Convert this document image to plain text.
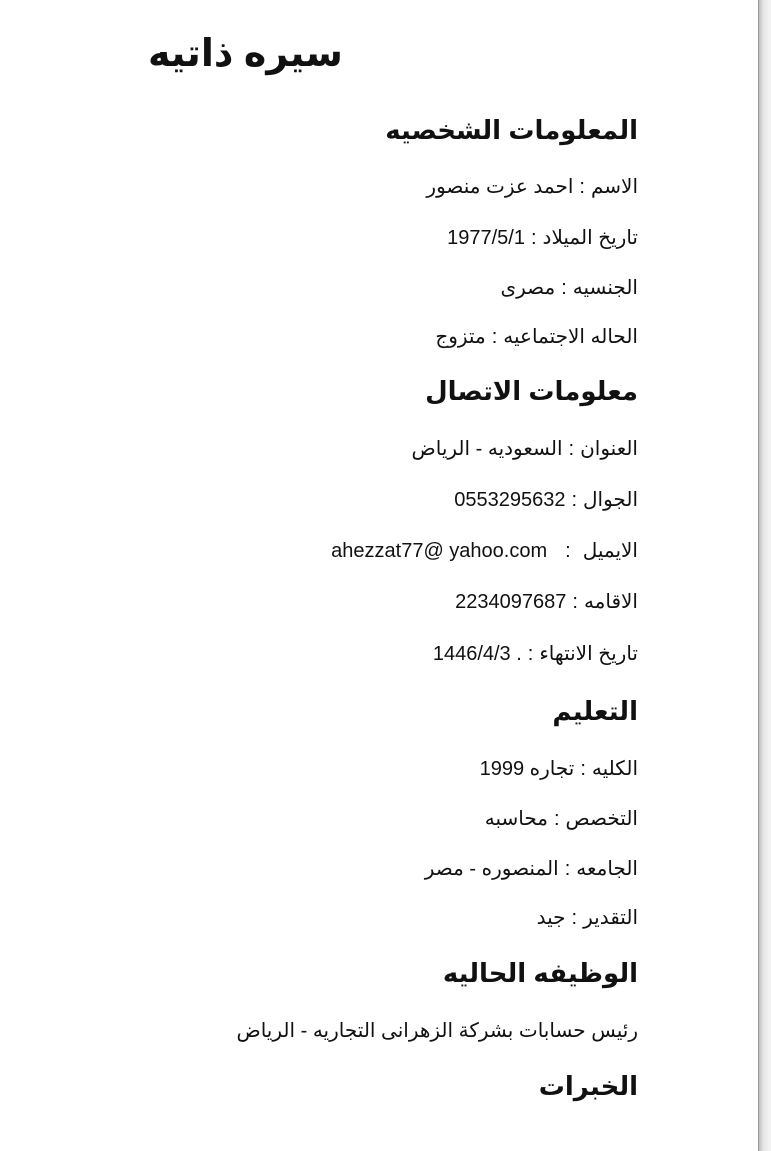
سيره ذاتيه
المعلومات الشخصيه
الاسم:احمد عزت منصور
تاريخ الميلاد:1977/5/1
الجنسيه:مصرى
الحاله الاجتماعيه:متزوج
معلومات الاتصال
العنوان:السعوديه - الرياض
الجوال:0553295632
الايميل:ahezzat77@ yahoo.com
الاقامه:2234097687
تاريخ الانتهاء:1446/4/3 .
التعليم
الكليه:تجاره 1999
التخصص:محاسبه
الجامعه:المنصوره - مصر
التقدير:جيد
الوظيفه الحاليه
رئيس حسابات بشركة الزهرانى التجاريه - الرياض
الخبرات
